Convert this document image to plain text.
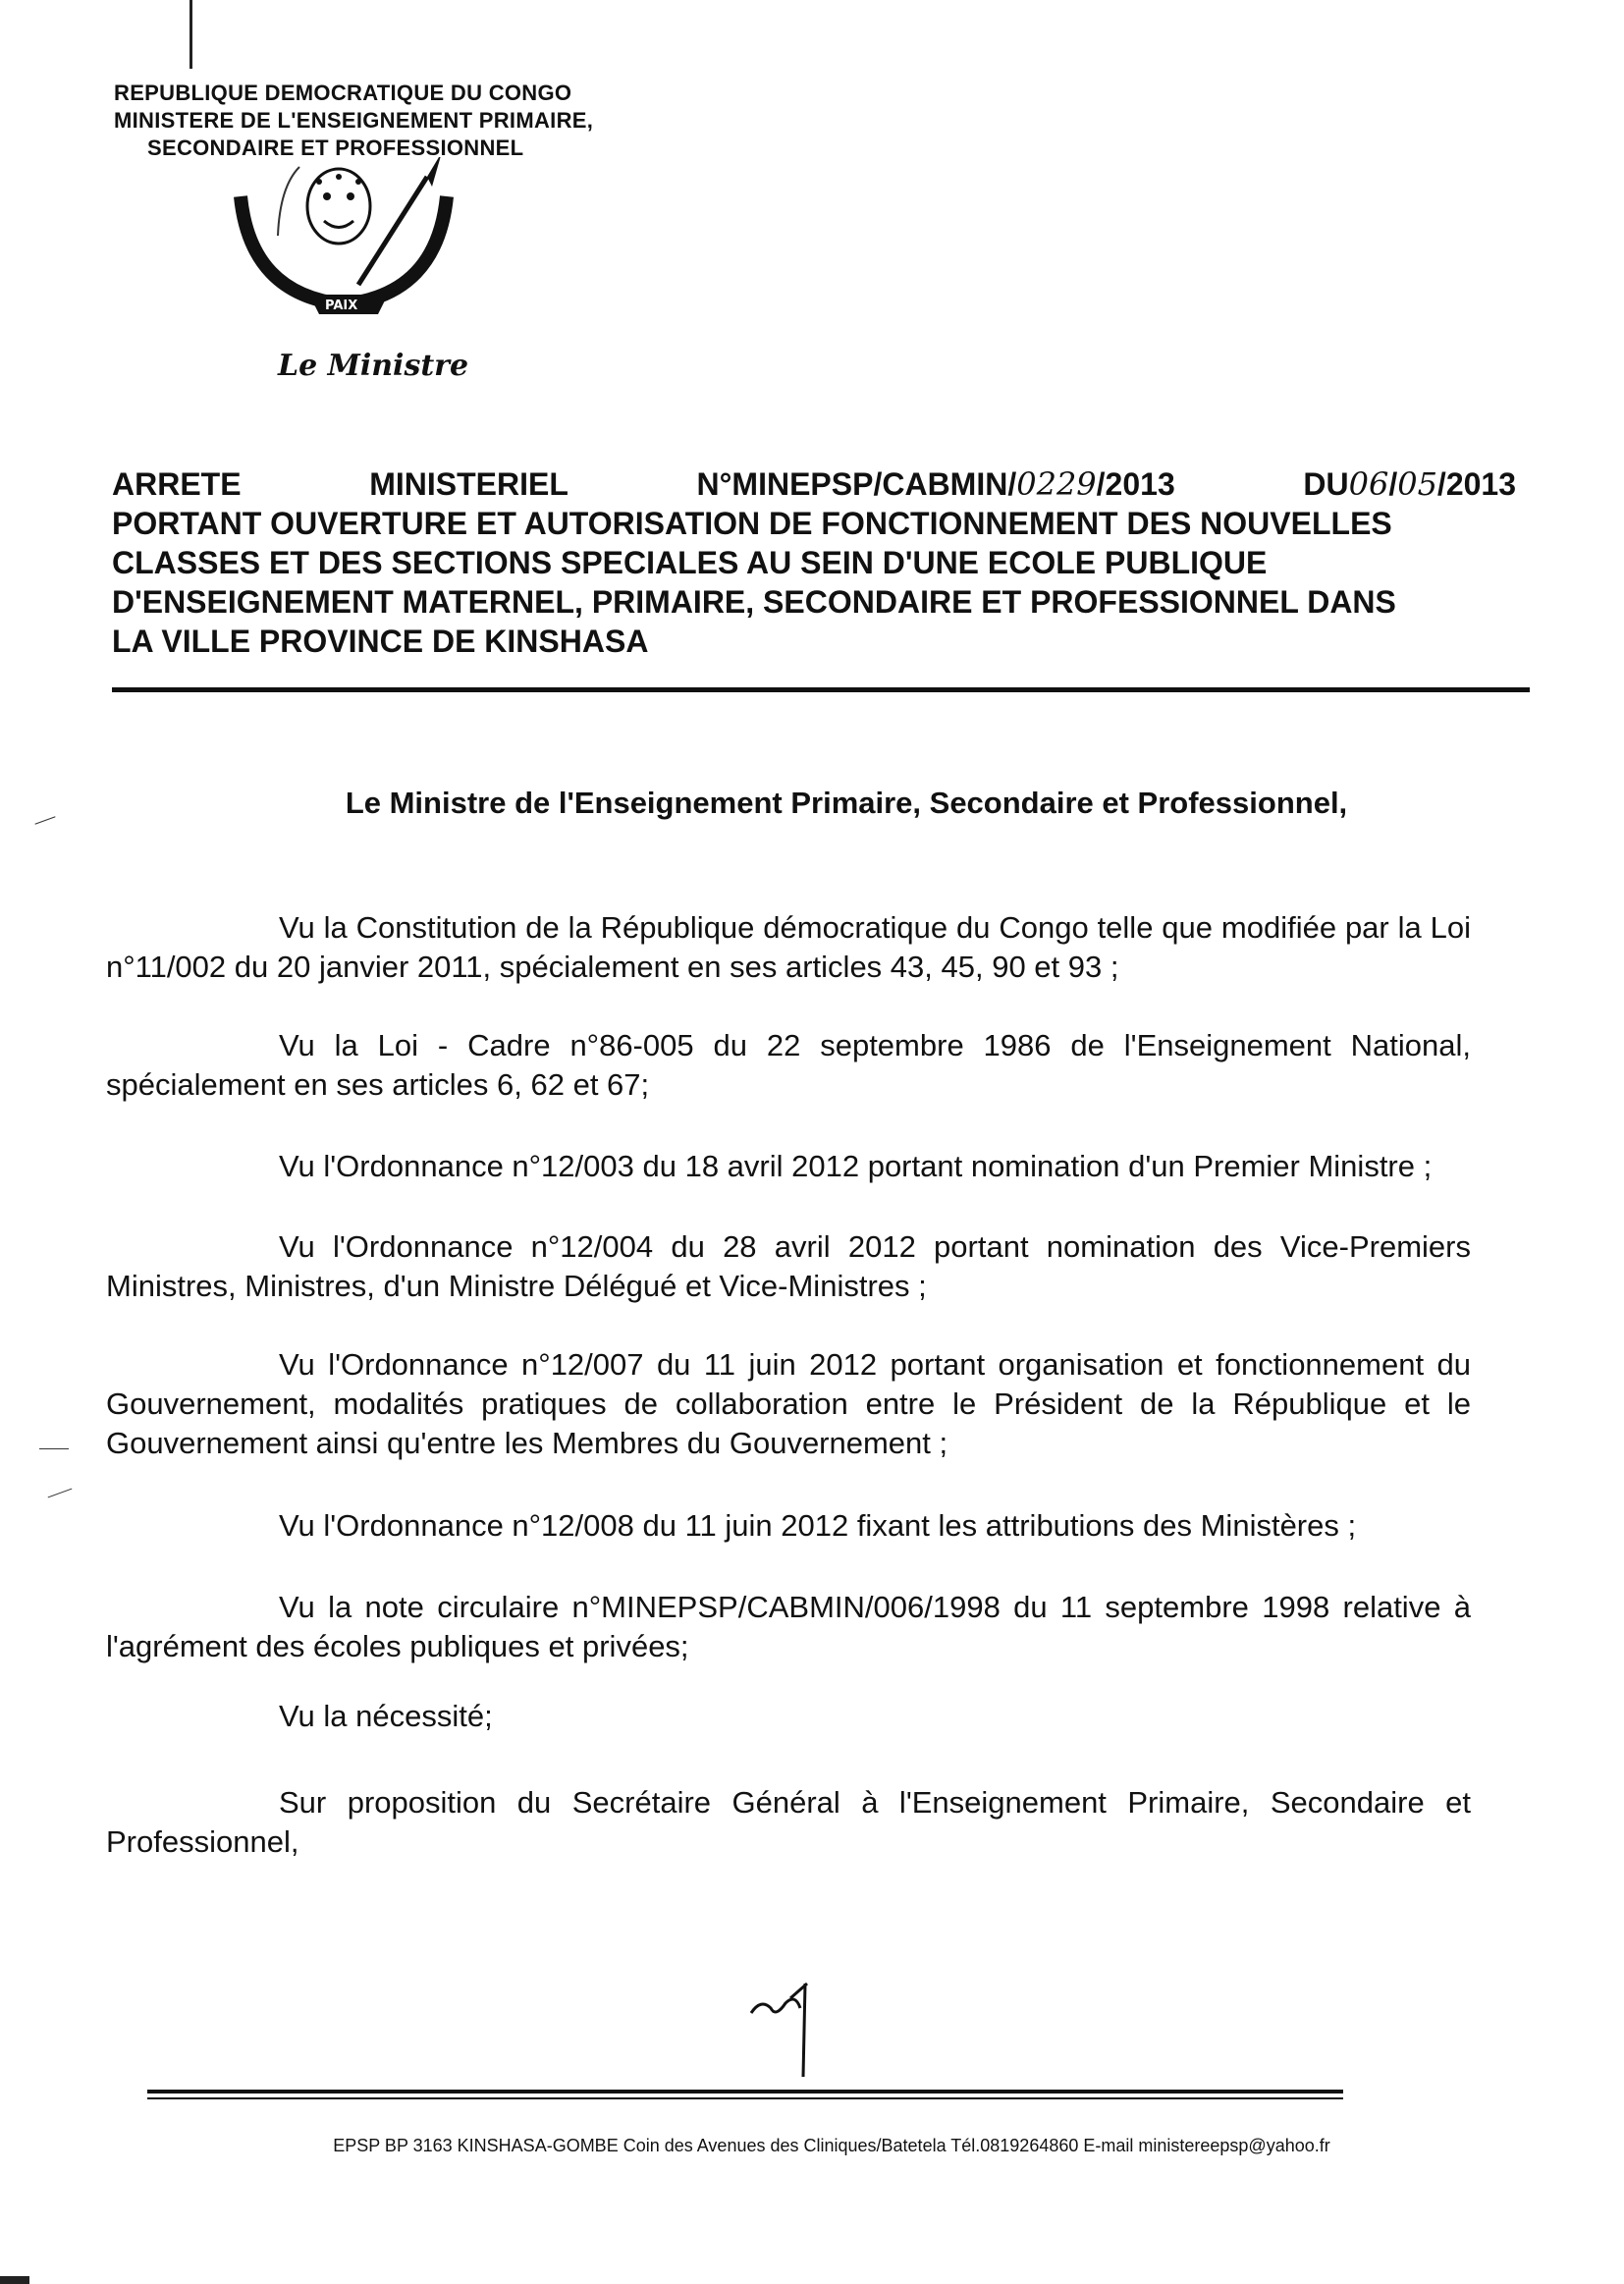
REPUBLIQUE DEMOCRATIQUE DU CONGO
MINISTERE DE L'ENSEIGNEMENT PRIMAIRE,
SECONDAIRE ET PROFESSIONNEL
PAIX
Le Ministre
ARRETE	MINISTERIEL	N°MINEPSP/CABMIN/0229/2013	DU06/05/2013
PORTANT OUVERTURE ET AUTORISATION DE FONCTIONNEMENT DES NOUVELLES
CLASSES ET DES SECTIONS SPECIALES AU SEIN D'UNE ECOLE PUBLIQUE
D'ENSEIGNEMENT MATERNEL, PRIMAIRE, SECONDAIRE ET PROFESSIONNEL DANS
LA VILLE PROVINCE DE KINSHASA
Le Ministre de l'Enseignement Primaire, Secondaire et Professionnel,
Vu la Constitution de la République démocratique du Congo telle que modifiée par la Loi n°11/002 du 20 janvier 2011, spécialement en ses articles 43, 45, 90 et 93 ;
Vu la Loi - Cadre n°86-005 du 22 septembre 1986 de l'Enseignement National, spécialement en ses articles 6, 62 et 67;
Vu l'Ordonnance n°12/003 du 18 avril 2012 portant nomination d'un Premier Ministre ;
Vu l'Ordonnance n°12/004 du 28 avril 2012 portant nomination des Vice-Premiers Ministres, Ministres, d'un Ministre Délégué et Vice-Ministres ;
Vu l'Ordonnance n°12/007 du 11 juin 2012 portant organisation et fonctionnement du Gouvernement, modalités pratiques de collaboration entre le Président de la République et le Gouvernement ainsi qu'entre les Membres du Gouvernement ;
Vu l'Ordonnance n°12/008 du 11 juin 2012 fixant les attributions des Ministères ;
Vu la note circulaire n°MINEPSP/CABMIN/006/1998 du 11 septembre 1998 relative à l'agrément des écoles publiques et privées;
Vu la nécessité;
Sur proposition du Secrétaire Général à l'Enseignement Primaire, Secondaire et Professionnel,
EPSP BP 3163 KINSHASA-GOMBE Coin des Avenues des Cliniques/Batetela Tél.0819264860 E-mail ministereepsp@yahoo.fr
